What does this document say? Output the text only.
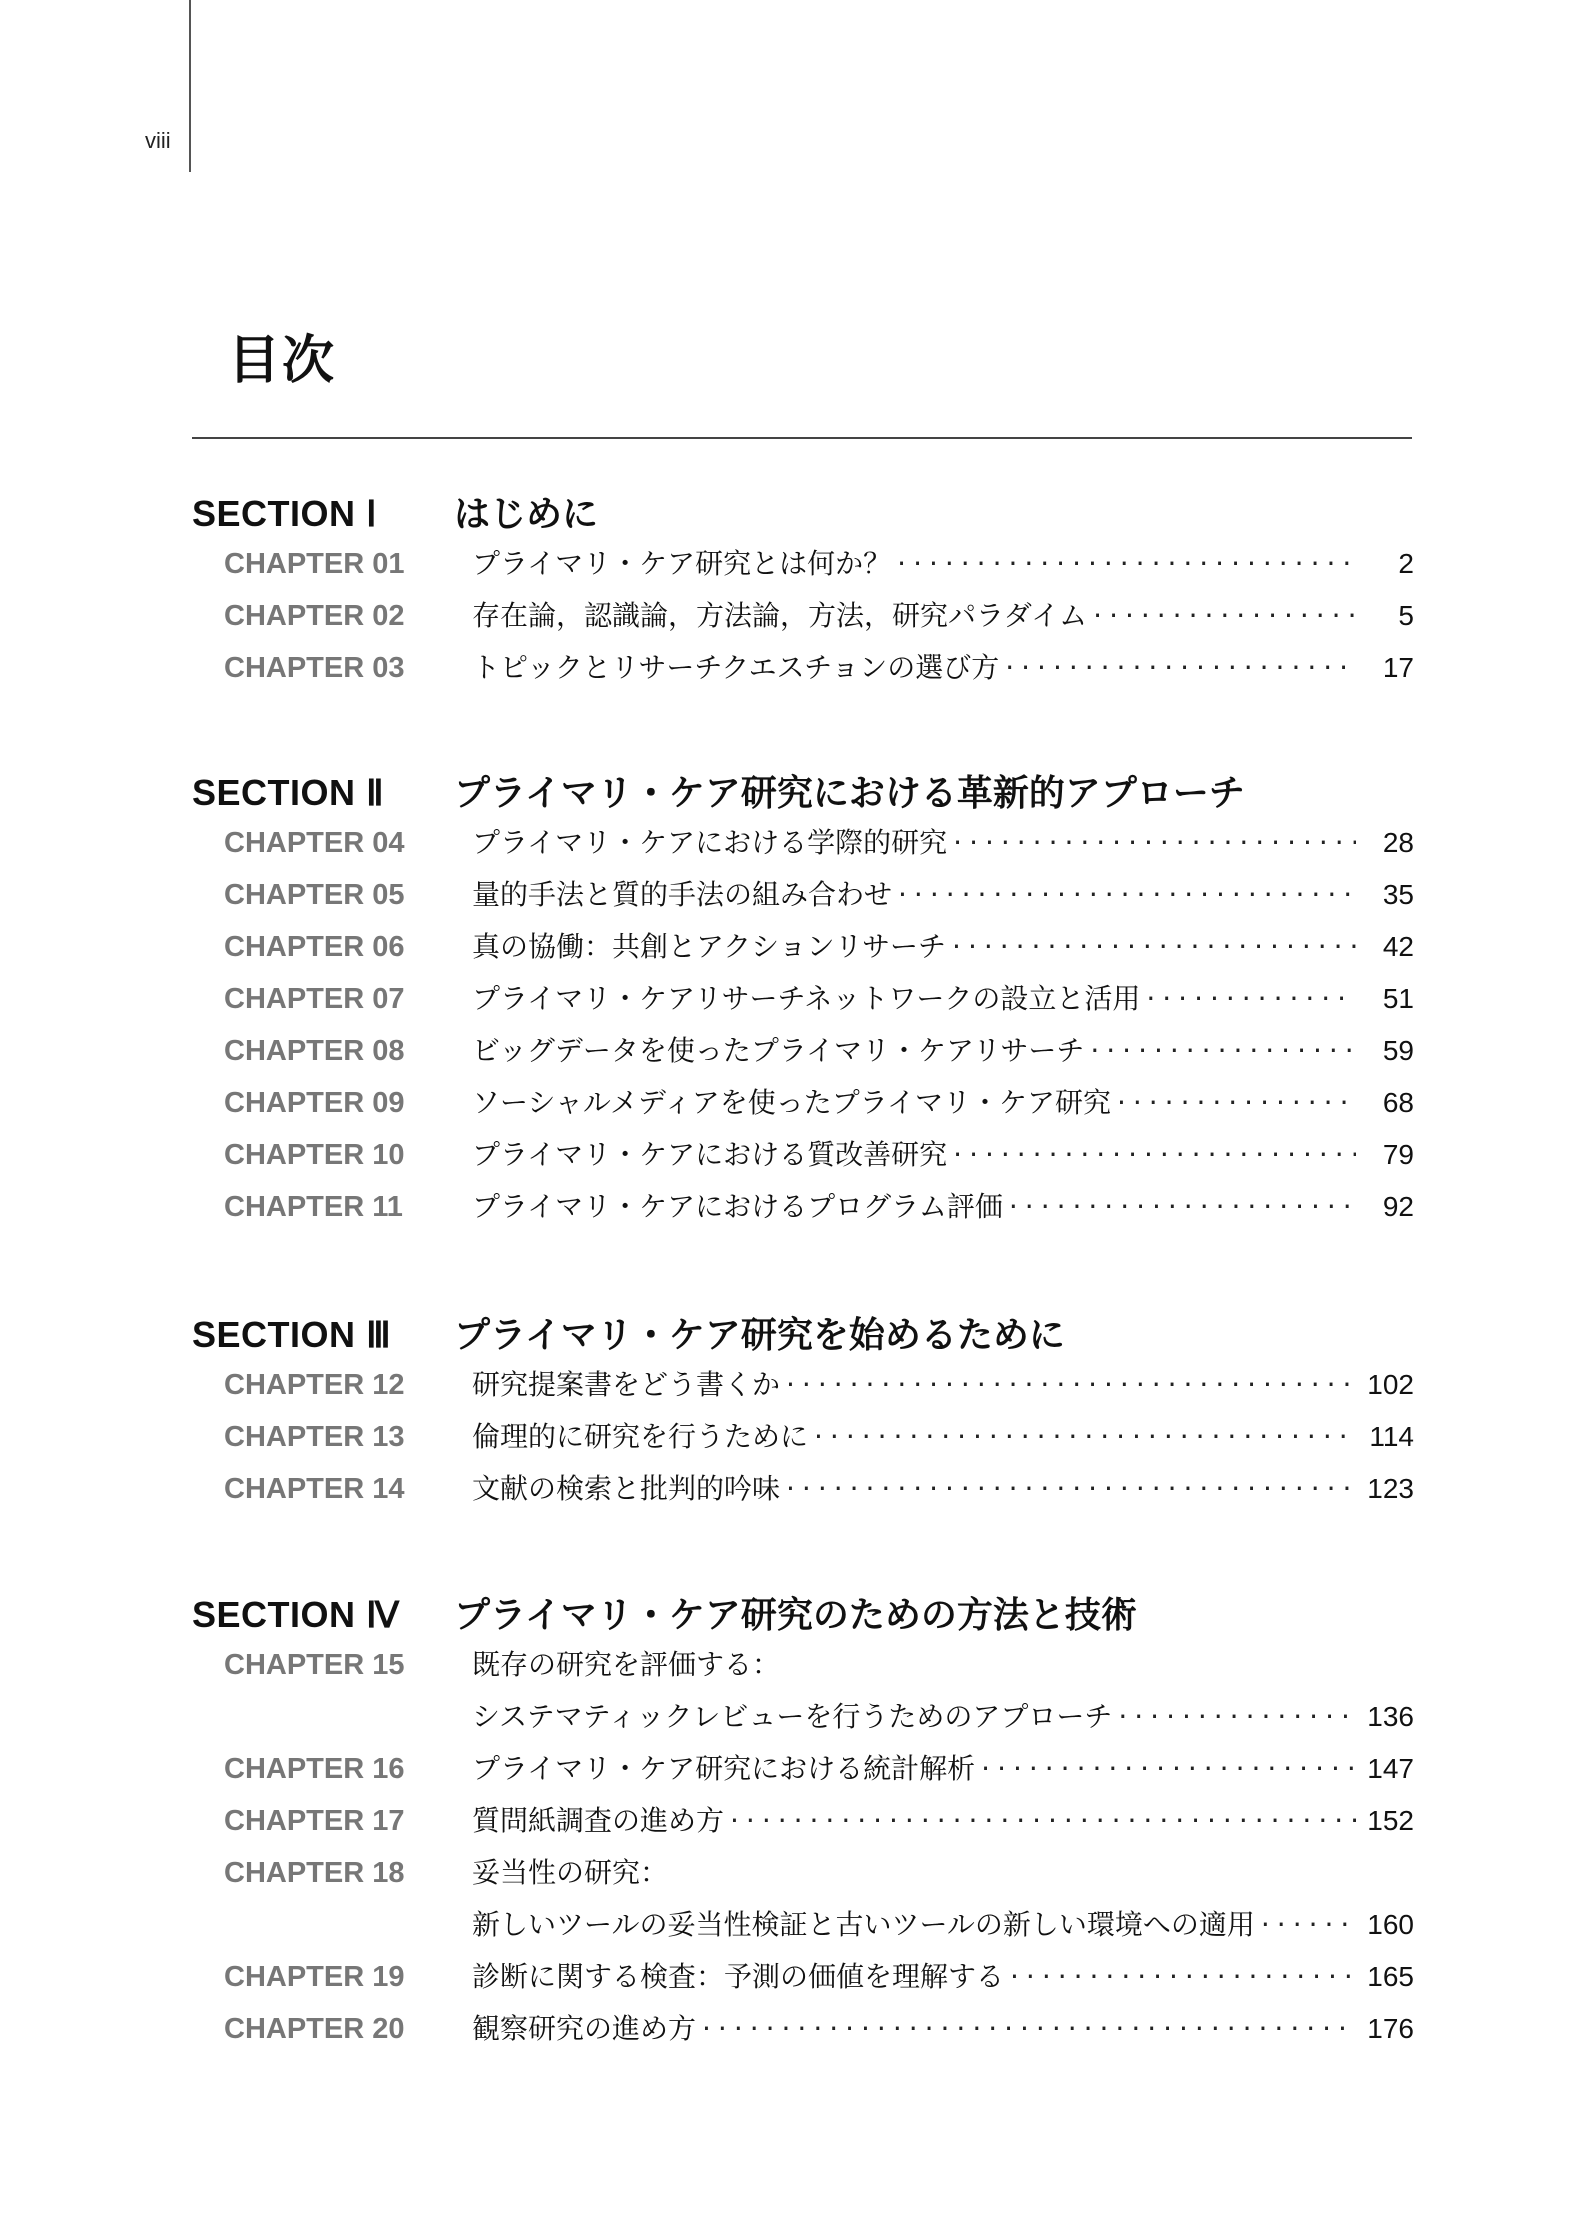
viii
目次
SECTION Ⅰ	はじめに
CHAPTER 01	プライマリ・ケア研究とは何か？ ·····	2
CHAPTER 02	存在論，認識論，方法論，方法，研究パラダイム ·····	5
CHAPTER 03	トピックとリサーチクエスチョンの選び方 ·····	17
SECTION Ⅱ	プライマリ・ケア研究における革新的アプローチ
CHAPTER 04	プライマリ・ケアにおける学際的研究 ·····	28
CHAPTER 05	量的手法と質的手法の組み合わせ ·····	35
CHAPTER 06	真の協働：共創とアクションリサーチ ·····	42
CHAPTER 07	プライマリ・ケアリサーチネットワークの設立と活用 ·····	51
CHAPTER 08	ビッグデータを使ったプライマリ・ケアリサーチ ·····	59
CHAPTER 09	ソーシャルメディアを使ったプライマリ・ケア研究 ·····	68
CHAPTER 10	プライマリ・ケアにおける質改善研究 ·····	79
CHAPTER 11	プライマリ・ケアにおけるプログラム評価 ·····	92
SECTION Ⅲ	プライマリ・ケア研究を始めるために
CHAPTER 12	研究提案書をどう書くか ·····	102
CHAPTER 13	倫理的に研究を行うために ·····	114
CHAPTER 14	文献の検索と批判的吟味 ·····	123
SECTION Ⅳ	プライマリ・ケア研究のための方法と技術
CHAPTER 15	既存の研究を評価する：
システマティックレビューを行うためのアプローチ ·····	136
CHAPTER 16	プライマリ・ケア研究における統計解析 ·····	147
CHAPTER 17	質問紙調査の進め方 ·····	152
CHAPTER 18	妥当性の研究：
新しいツールの妥当性検証と古いツールの新しい環境への適用 ·····	160
CHAPTER 19	診断に関する検査：予測の価値を理解する ·····	165
CHAPTER 20	観察研究の進め方 ·····	176
